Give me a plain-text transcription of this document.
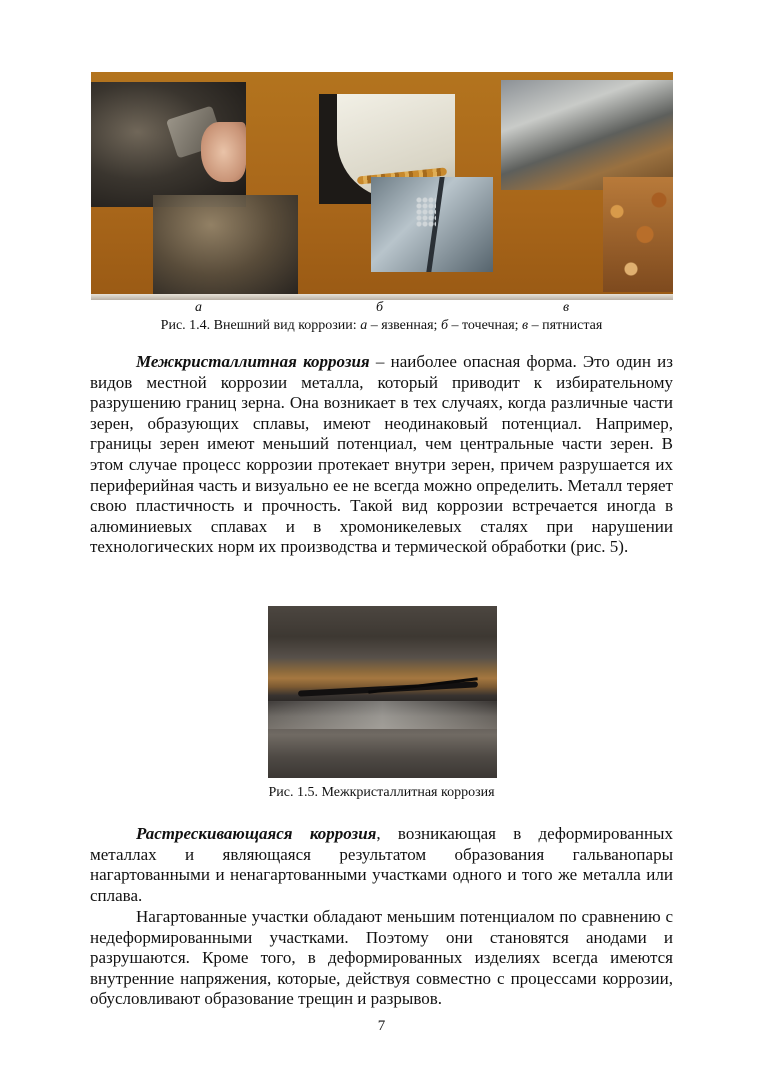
а	б	в
Рис. 1.4. Внешний вид коррозии: а – язвенная; б – точечная; в – пятнистая

Межкристаллитная коррозия – наиболее опасная форма. Это один из видов местной коррозии металла, который приводит к избирательному разрушению границ зерна. Она возникает в тех случаях, когда различные части зерен, образующих сплавы, имеют неодинаковый потенциал. Например, границы зерен имеют меньший потенциал, чем центральные части зерен. В этом случае процесс коррозии протекает внутри зерен, причем разрушается их периферийная часть и визуально ее не всегда можно определить. Металл теряет свою пластичность и прочность. Такой вид коррозии встречается иногда в алюминиевых сплавах и в хромоникелевых сталях при нарушении технологических норм их производства и термической обработки (рис. 5).

Рис. 1.5. Межкристаллитная коррозия

Растрескивающаяся коррозия, возникающая в деформированных металлах и являющаяся результатом образования гальванопары нагартованными и ненагартованными участками одного и того же металла или сплава.

Нагартованные участки обладают меньшим потенциалом по сравнению с недеформированными участками. Поэтому они становятся анодами и разрушаются. Кроме того, в деформированных изделиях всегда имеются внутренние напряжения, которые, действуя совместно с процессами коррозии, обусловливают образование трещин и разрывов.

7
